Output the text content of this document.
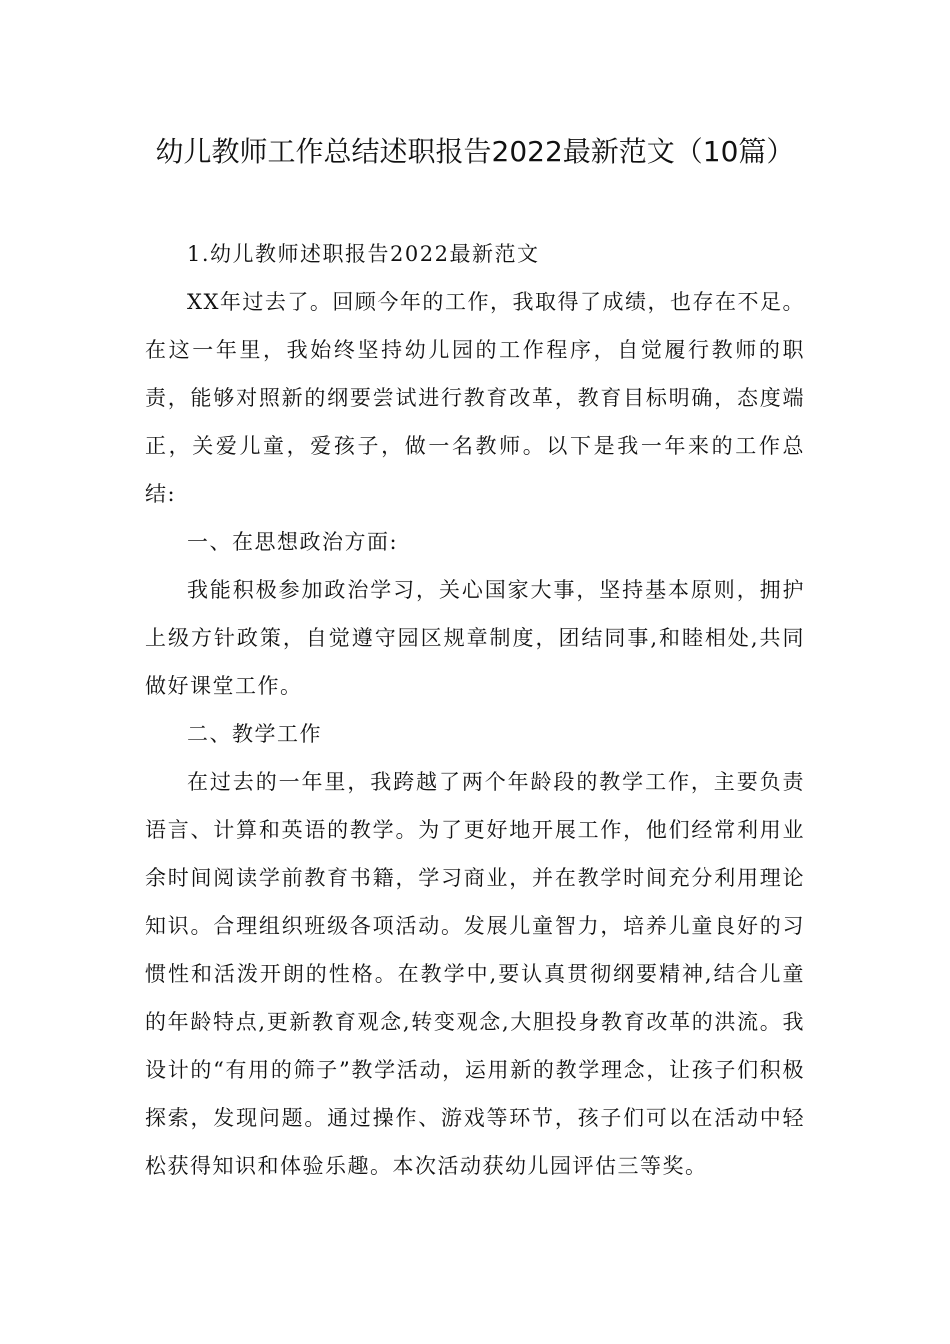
幼儿教师工作总结述职报告2022最新范文（10篇）

1.幼儿教师述职报告2022最新范文

XX年过去了。回顾今年的工作，我取得了成绩，也存在不足。在这一年里，我始终坚持幼儿园的工作程序，自觉履行教师的职责，能够对照新的纲要尝试进行教育改革，教育目标明确，态度端正，关爱儿童，爱孩子，做一名教师。以下是我一年来的工作总结:

一、在思想政治方面:

我能积极参加政治学习，关心国家大事，坚持基本原则，拥护上级方针政策，自觉遵守园区规章制度，团结同事,和睦相处,共同做好课堂工作。

二、教学工作

在过去的一年里，我跨越了两个年龄段的教学工作，主要负责语言、计算和英语的教学。为了更好地开展工作，他们经常利用业余时间阅读学前教育书籍，学习商业，并在教学时间充分利用理论知识。合理组织班级各项活动。发展儿童智力，培养儿童良好的习惯性和活泼开朗的性格。在教学中,要认真贯彻纲要精神,结合儿童的年龄特点,更新教育观念,转变观念,大胆投身教育改革的洪流。我设计的“有用的筛子”教学活动，运用新的教学理念，让孩子们积极探索，发现问题。通过操作、游戏等环节，孩子们可以在活动中轻松获得知识和体验乐趣。本次活动获幼儿园评估三等奖。
